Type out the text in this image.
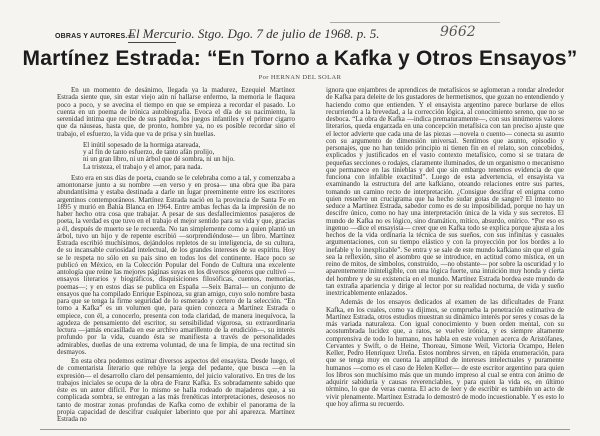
OBRAS Y AUTORES.—
El Mercurio. Stgo. Dgo. 7 de julio de 1968. p. 5.	9662
Martínez Estrada: “En Torno a Kafka y Otros Ensayos”
Por HERNAN DEL SOLAR

En un momento de desánimo, llegada ya la madurez, Ezequiel Martínez Estrada siente que, sin estar viejo aún ni hallarse enfermo, la memoria le flaquea poco a poco, y se avecina el tiempo en que se empieza a recordar el pasado. Lo cuenta en un poema de irónica autobiografía. Evoca el día de su nacimiento, la serenidad íntima que recibe de sus padres, los juegos infantiles y el primer cigarro que da náuseas, hasta que, de pronto, hombre ya, no es posible recordar sino el trabajo, el esfuerzo, la vida que va de prisa y sin huellas.

El inútil sopesado de la hormiga atareada,
y al fin de tanto esfuerzo, de tanto afán prolijo,
ni un gran libro, ni un árbol que dé sombra, ni un hijo.
La tristeza, el trabajo y el amor, para nada.

Esto era en sus días de poeta, cuando se le celebraba como a tal, y comenzaba a amontonarse junto a su nombre —en verso y en prosa— una obra que iba para abundantísima y estaba destinada a darle un lugar preeminente entre los escritores argentinos contemporáneos. Martínez Estrada nació en la provincia de Santa Fe en 1895 y murió en Bahía Blanca en 1964. Entre ambas fechas da la impresión de no haber hecho otra cosa que trabajar. A pesar de sus desfallecimientos pasajeros de poeta, la verdad es que tuvo en el trabajo el mejor sentido para su vida y que, gracias a él, después de muerto se le recuerda. No tan simplemente como a quien plantó un árbol, tuvo un hijo y de repente escribió —sorprendiéndose— un libro. Martínez Estrada escribió muchísimos, dejándolos repletos de su inteligencia, de su cultura, de su incansable curiosidad intelectual, de los grandes intereses de su espíritu. Hoy se le respeta no sólo en su país sino en todos los del continente. Hace poco se publicó en México, en la Colección Popular del Fondo de Cultura una excelente antología que reúne las mejores páginas suyas en los diversos géneros que cultivó —ensayos literarios y biográficos, disquisiciones filosóficas, cuentos, memorias, poemas—; y en estos días se publica en España —Seix Barral— un conjunto de ensayos que ha compilado Enrique Espinoza, su gran amigo, cuyo solo nombre basta para que se tenga la firme seguridad de lo esmerado y certero de la selección. “En torno a Kafka” es un volumen que, para quien conozca a Martínez Estrada o empiece, con él, a conocerlo, presenta con toda claridad, de manera inequívoca, la agudeza de pensamiento del escritor, su sensibilidad vigorosa, su extraordinaria lectura —jamás encasillada en ese archivo amarillento de la erudición—, su interés profundo por la vida, cuando ésta se manifiesta a través de personalidades admirables, dueñas de una extrema voluntad, de una fe limpia, de una rectitud sin desmayos.

En esta obra podemos estimar diversos aspectos del ensayista. Desde luego, el de comentarista literario que rehúye la jerga del pedante, que busca —en la expresión— el desarrollo claro del pensamiento, del juicio valorativo. En tres de los trabajos iniciales se ocupa de la obra de Franz Kafka. Es sobradamente sabido que éste es un autor difícil. Por lo mismo se halla rodeado de majaderos que, a su complicada sombra, se entregan a las más frenéticas interpretaciones, deseosos no tanto de mostrar zonas profundas de Kafka como de exhibir el panorama de la propia capacidad de descifrar cualquier laberinto que por ahí aparezca. Martínez Estrada no

ignora que enjambres de aprendices de metafísicos se aglomeran a rondar alrededor de Kafka para deleite de los gustadores de hermetismos, que gozan no entendiendo y haciendo como que entienden. Y el ensayista argentino parece burlarse de ellos recurriendo a la brevedad, a la corrección lógica, al conocimiento sereno, que no se desboca. “La obra de Kafka —indica prematuramente—, con sus innúmeros valores literarios, queda engarzada en una concepción metafísica con tan preciso ajuste que el lector advierte que cada una de las piezas —novela o cuento— conecta su asunto con su argumento de dimensión universal. Sentimos que asunto, episodio y personajes, que no han tenido principio ni tienen fin en el relato, son concebidos, explicados y justificados en el vasto contexto metafísico, como si se tratara de pequeñas secciones o rodajes, claramente iluminados, de un organismo o mecanismo que permanece en las tinieblas y del que sin embargo tenemos evidencia de que funciona con infalible exactitud”. Luego de esta advertencia, el ensayista va examinando la estructura del arte kafkiano, oteando relaciones entre sus partes, tomando un camino recto de interpretación. ¿Consigue descifrar el enigma como quien resuelve un crucigrama que ha hecho sudar gotas de sangre? El intento no seduce a Martínez Estrada, sabedor como es de su imposibilidad, porque no hay un descifre único, como no hay una interpretación única de la vida y sus secretos. El mundo de Kafka no es lógico, sino dramático, mítico, absurdo, onírico. “Por eso es ingenuo —dice el ensayista— creer que en Kafka todo se explica porque ajusta a los hechos de la vida ordinaria la técnica de sus sueños, con sus infinitas y casuales argumentaciones, con su tiempo elástico y con la proyección por los bordes a lo inefable y lo inexplicable”. Se entra y se sale de este mundo kafkiano sin que el guía sea la reflexión, sino el asombro que se introduce, en actitud como mística, en un reino de mitos, de símbolos, construido, —no obstante— por sobre la oscuridad y lo aparentemente ininteligible, con una lógica fuerte, una intuición muy honda y cierta del hombre y de su existencia en el mundo. Martínez Estrada bordea este mundo de tan extraña apariencia y dirige al lector por su realidad nocturna, de vida y sueño inextricablemente enlazados.

Además de los ensayos dedicados al examen de las dificultades de Franz Kafka, en los cuales, como ya dijimos, se comprueba la penetración estimativa de Martínez Estrada, otros estudios muestran su dinámico interés por seres y cosas de la más variada naturaleza. Con igual conocimiento y buen orden mental, con su acostumbrada lucidez que, a ratos, se vuelve irónica, y es siempre altamente comprensiva de todo lo humano, nos habla en este volumen acerca de Aristófanes, Cervantes y Swift, o de Heine, Thoreau, Simone Weil, Victoria Ocampo, Helen Keller, Pedro Henríquez Ureña. Estos nombres sirven, en rápida enumeración, para que se tenga muy en cuenta la amplitud de intereses intelectuales y puramente humanos —como es el caso de Helen Keller— de este escritor argentino para quien los libros son muchísimo más que un mundo impreso al cual se entra con ánimo de adquirir sabiduría y causas reverenciables, y para quien la vida es, en último término, lo que de veras cuenta. El acto de leer y de escribir es también un acto de vivir plenamente. Martínez Estrada lo demostró de modo incuestionable. Y es esto lo que hoy afirma su recuerdo.
